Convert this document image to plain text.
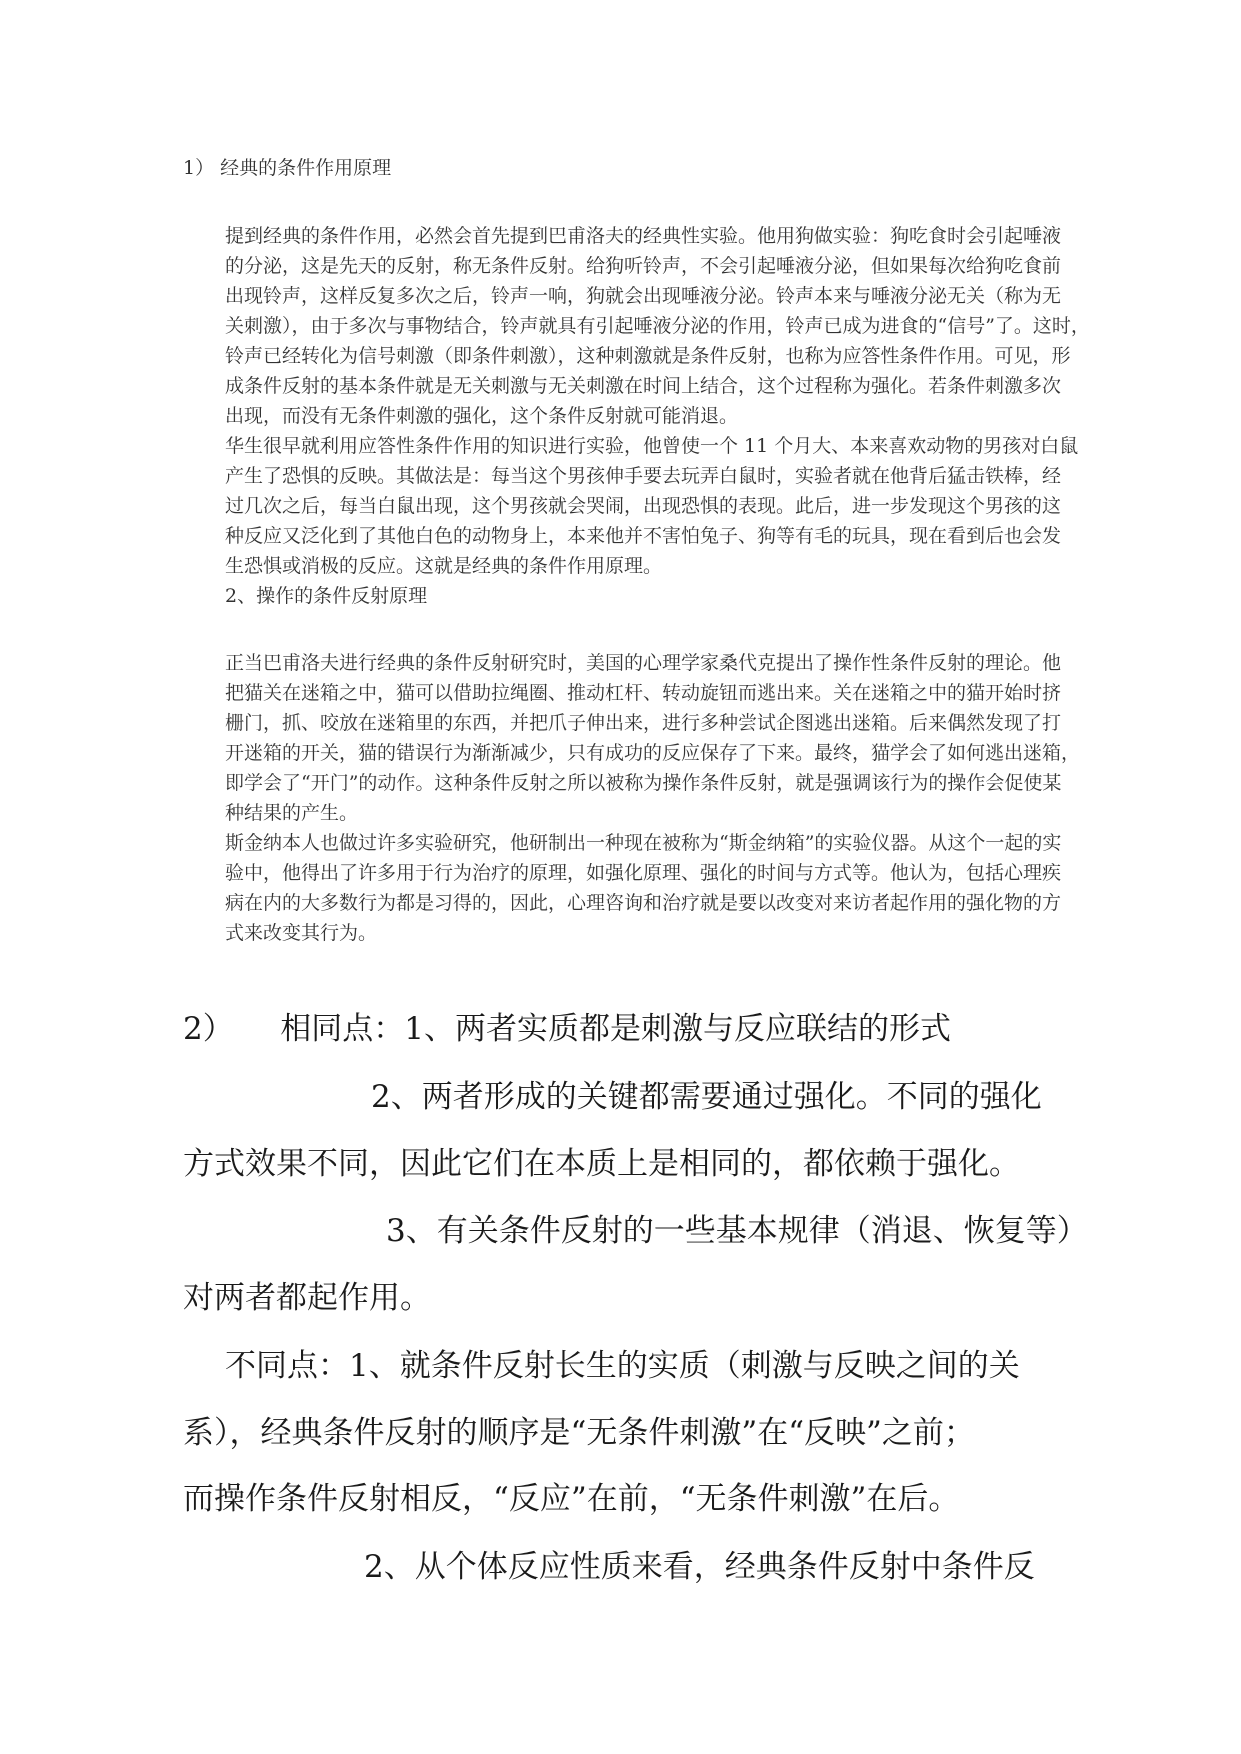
1） 经典的条件作用原理
提到经典的条件作用，必然会首先提到巴甫洛夫的经典性实验。他用狗做实验：狗吃食时会引起唾液
的分泌，这是先天的反射，称无条件反射。给狗听铃声，不会引起唾液分泌，但如果每次给狗吃食前
出现铃声，这样反复多次之后，铃声一响，狗就会出现唾液分泌。铃声本来与唾液分泌无关（称为无
关刺激），由于多次与事物结合，铃声就具有引起唾液分泌的作用，铃声已成为进食的“信号”了。这时，
铃声已经转化为信号刺激（即条件刺激），这种刺激就是条件反射，也称为应答性条件作用。可见，形
成条件反射的基本条件就是无关刺激与无关刺激在时间上结合，这个过程称为强化。若条件刺激多次
出现，而没有无条件刺激的强化，这个条件反射就可能消退。
华生很早就利用应答性条件作用的知识进行实验，他曾使一个 11 个月大、本来喜欢动物的男孩对白鼠
产生了恐惧的反映。其做法是：每当这个男孩伸手要去玩弄白鼠时，实验者就在他背后猛击铁棒，经
过几次之后，每当白鼠出现，这个男孩就会哭闹，出现恐惧的表现。此后，进一步发现这个男孩的这
种反应又泛化到了其他白色的动物身上，本来他并不害怕兔子、狗等有毛的玩具，现在看到后也会发
生恐惧或消极的反应。这就是经典的条件作用原理。
2、操作的条件反射原理
正当巴甫洛夫进行经典的条件反射研究时，美国的心理学家桑代克提出了操作性条件反射的理论。他
把猫关在迷箱之中，猫可以借助拉绳圈、推动杠杆、转动旋钮而逃出来。关在迷箱之中的猫开始时挤
栅门，抓、咬放在迷箱里的东西，并把爪子伸出来，进行多种尝试企图逃出迷箱。后来偶然发现了打
开迷箱的开关，猫的错误行为渐渐减少，只有成功的反应保存了下来。最终，猫学会了如何逃出迷箱，
即学会了“开门”的动作。这种条件反射之所以被称为操作条件反射，就是强调该行为的操作会促使某
种结果的产生。
斯金纳本人也做过许多实验研究，他研制出一种现在被称为“斯金纳箱”的实验仪器。从这个一起的实
验中，他得出了许多用于行为治疗的原理，如强化原理、强化的时间与方式等。他认为，包括心理疾
病在内的大多数行为都是习得的，因此，心理咨询和治疗就是要以改变对来访者起作用的强化物的方
式来改变其行为。
2）　　相同点：1、两者实质都是刺激与反应联结的形式
2、两者形成的关键都需要通过强化。不同的强化
方式效果不同，因此它们在本质上是相同的，都依赖于强化。
3、有关条件反射的一些基本规律（消退、恢复等）
对两者都起作用。
不同点：1、就条件反射长生的实质（刺激与反映之间的关
系），经典条件反射的顺序是“无条件刺激”在“反映”之前；
而操作条件反射相反，“反应”在前，“无条件刺激”在后。
2、从个体反应性质来看，经典条件反射中条件反
